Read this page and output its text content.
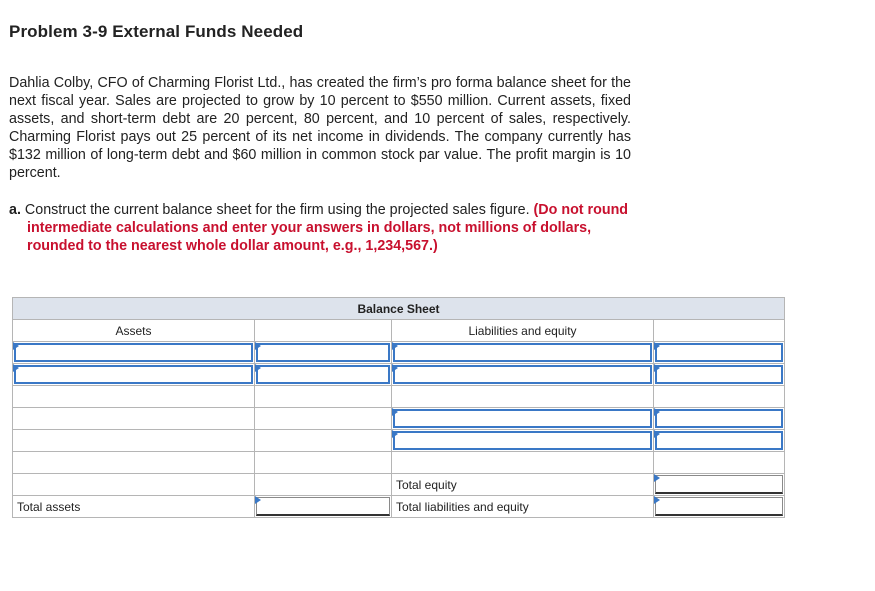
Problem 3-9 External Funds Needed
Dahlia Colby, CFO of Charming Florist Ltd., has created the firm’s pro forma balance sheet for the next fiscal year. Sales are projected to grow by 10 percent to $550 million. Current assets, fixed assets, and short-term debt are 20 percent, 80 percent, and 10 percent of sales, respectively. Charming Florist pays out 25 percent of its net income in dividends. The company currently has $132 million of long-term debt and $60 million in common stock par value. The profit margin is 10 percent.
a. Construct the current balance sheet for the firm using the projected sales figure. (Do not round intermediate calculations and enter your answers in dollars, not millions of dollars, rounded to the nearest whole dollar amount, e.g., 1,234,567.)
Balance Sheet			
Assets		Liabilities and equity	

		Total equity	

Total assets		Total liabilities and equity	
